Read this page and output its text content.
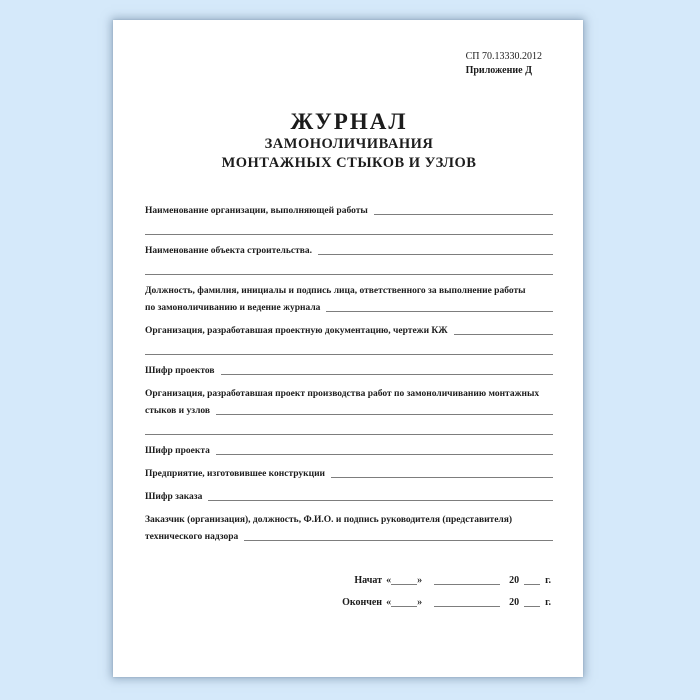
СП 70.13330.2012
Приложение Д
ЖУРНАЛ
ЗАМОНОЛИЧИВАНИЯ
МОНТАЖНЫХ СТЫКОВ И УЗЛОВ
Наименование организации, выполняющей работы
Наименование объекта строительства.
Должность, фамилия, инициалы и подпись лица, ответственного за выполнение работы
по замоноличиванию и ведение журнала
Организация, разработавшая проектную документацию, чертежи КЖ
Шифр проектов
Организация, разработавшая проект производства работ по замоноличиванию монтажных
стыков и узлов
Шифр проекта
Предприятие, изготовившее конструкции
Шифр заказа
Заказчик (организация), должность, Ф.И.О. и подпись руководителя (представителя)
технического надзора
Начат «	»	20	г.
Окончен «	»	20	г.
